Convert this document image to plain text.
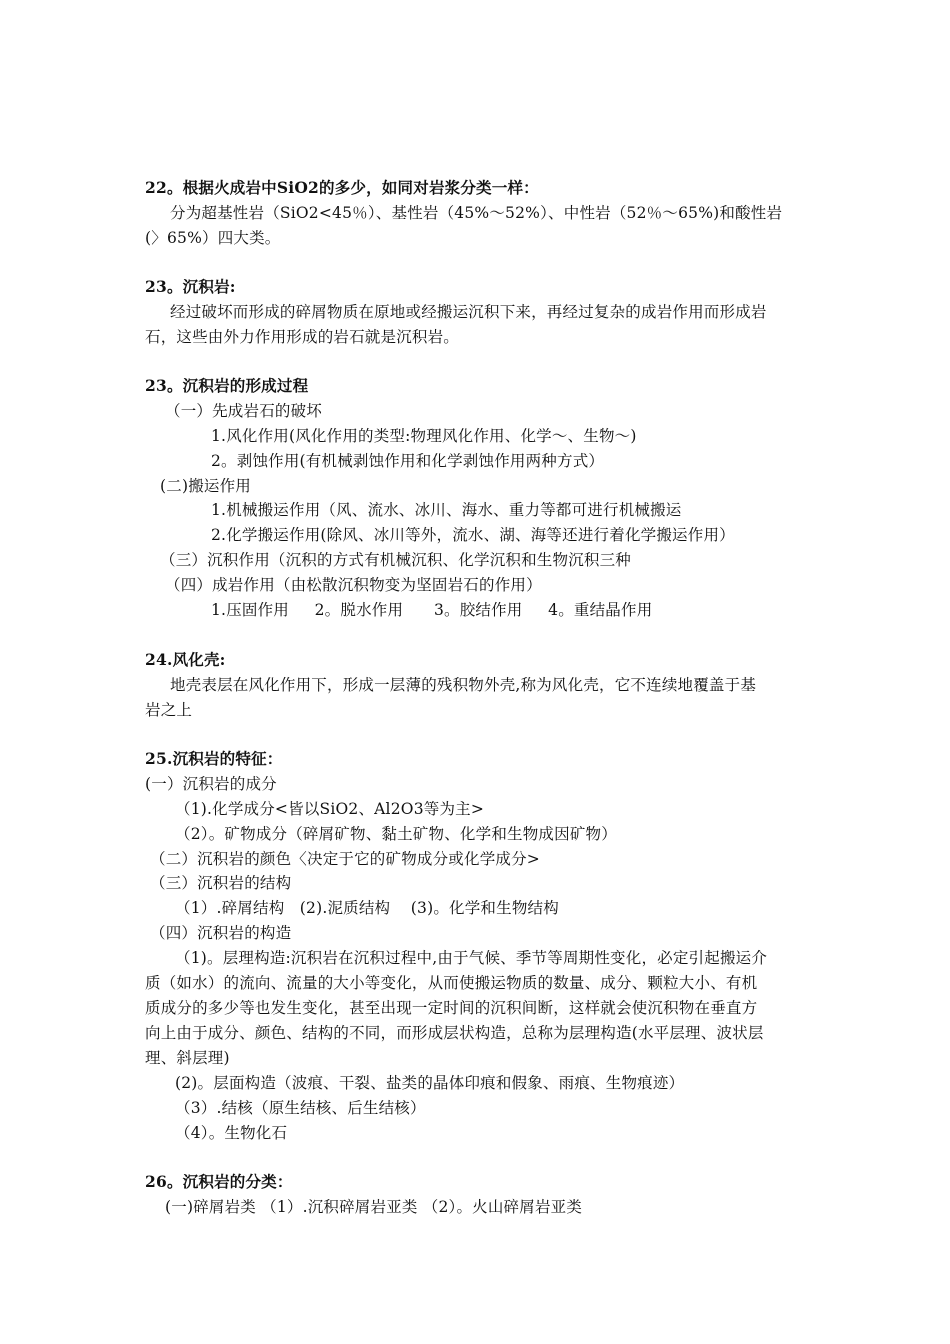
22。根据火成岩中SiO2的多少，如同对岩浆分类一样：
分为超基性岩（SiO2<45％）、基性岩（45%～52%）、中性岩（52％～65%)和酸性岩
(〉65%）四大类。
23。沉积岩:
经过破坏而形成的碎屑物质在原地或经搬运沉积下来，再经过复杂的成岩作用而形成岩
石，这些由外力作用形成的岩石就是沉积岩。
23。沉积岩的形成过程
（一）先成岩石的破坏
1.风化作用(风化作用的类型:物理风化作用、化学～、生物～)
2。剥蚀作用(有机械剥蚀作用和化学剥蚀作用两种方式）
(二)搬运作用
1.机械搬运作用（风、流水、冰川、海水、重力等都可进行机械搬运
2.化学搬运作用(除风、冰川等外，流水、湖、海等还进行着化学搬运作用）
（三）沉积作用（沉积的方式有机械沉积、化学沉积和生物沉积三种
（四）成岩作用（由松散沉积物变为坚固岩石的作用）
1.压固作用     2。脱水作用      3。胶结作用     4。重结晶作用
24.风化壳:
地壳表层在风化作用下，形成一层薄的残积物外壳,称为风化壳，它不连续地覆盖于基
岩之上
25.沉积岩的特征：
(一）沉积岩的成分
（1).化学成分<皆以SiO2、Al2O3等为主>
（2）。矿物成分（碎屑矿物、黏土矿物、化学和生物成因矿物）
（二）沉积岩的颜色〈决定于它的矿物成分或化学成分>
（三）沉积岩的结构
（1）.碎屑结构   (2).泥质结构    (3)。化学和生物结构
（四）沉积岩的构造
（1)。层理构造:沉积岩在沉积过程中,由于气候、季节等周期性变化，必定引起搬运介
质（如水）的流向、流量的大小等变化，从而使搬运物质的数量、成分、颗粒大小、有机
质成分的多少等也发生变化，甚至出现一定时间的沉积间断，这样就会使沉积物在垂直方
向上由于成分、颜色、结构的不同，而形成层状构造，总称为层理构造(水平层理、波状层
理、斜层理)
(2)。层面构造（波痕、干裂、盐类的晶体印痕和假象、雨痕、生物痕迹）
（3）.结核（原生结核、后生结核）
（4）。生物化石
26。沉积岩的分类：
(一)碎屑岩类 （1）.沉积碎屑岩亚类 （2）。火山碎屑岩亚类
